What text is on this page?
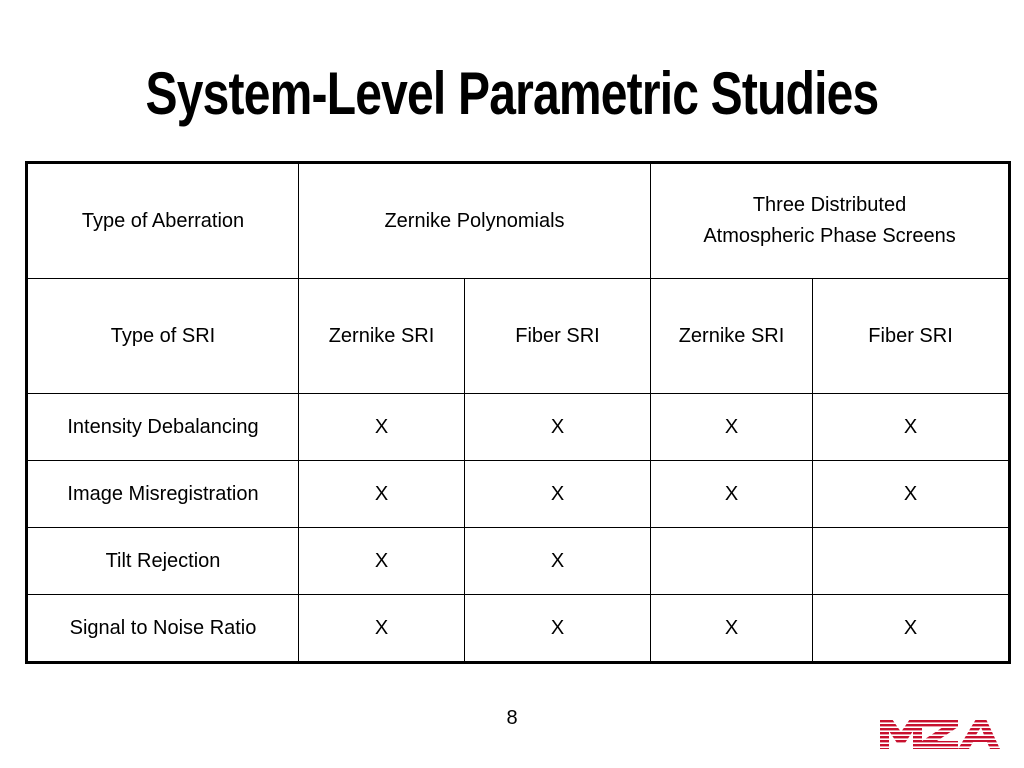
System-Level Parametric Studies
Type of Aberration	Zernike Polynomials		Three Distributed
Atmospheric Phase Screens	
Type of SRI	Zernike SRI	Fiber SRI	Zernike SRI	Fiber SRI
Intensity Debalancing	X	X	X	X
Image Misregistration	X	X	X	X
Tilt Rejection	X	X		
Signal to Noise Ratio	X	X	X	X
8
